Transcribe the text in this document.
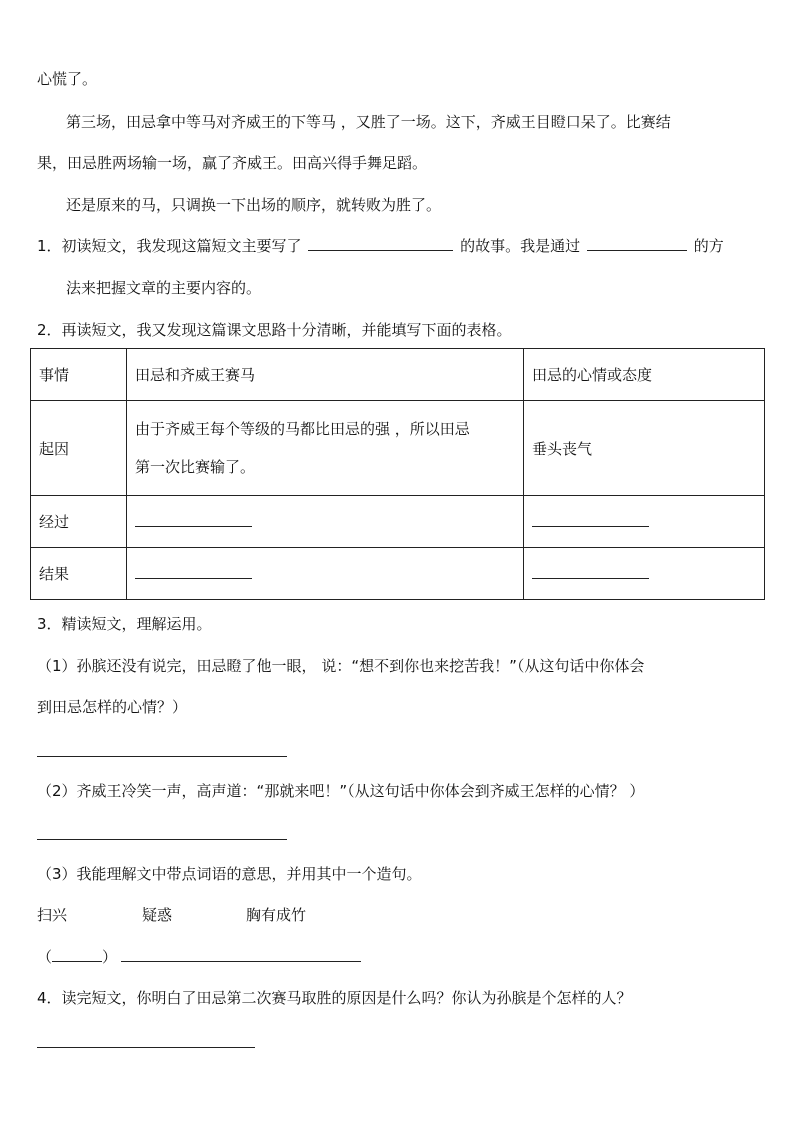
心慌了。
第三场，田忌拿中等马对齐威王的下等马 ，又胜了一场。这下，齐威王目瞪口呆了。比赛结
果，田忌胜两场输一场，赢了齐威王。田高兴得手舞足蹈。
还是原来的马，只调换一下出场的顺序，就转败为胜了。
1．初读短文，我发现这篇短文主要写了	的故事。我是通过	的方
法来把握文章的主要内容的。
2．再读短文，我又发现这篇课文思路十分清晰，并能填写下面的表格。
事情	田忌和齐威王赛马	田忌的心情或态度
起因	由于齐威王每个等级的马都比田忌的强 ，所以田忌
第一次比赛输了。	垂头丧气
经过		
结果		
3．精读短文，理解运用。
（1）孙膑还没有说完，田忌瞪了他一眼， 说：“想不到你也来挖苦我！”（从这句话中你体会
到田忌怎样的心情？）
（2）齐威王冷笑一声，高声道：“那就来吧！”（从这句话中你体会到齐威王怎样的心情？ ）
（3）我能理解文中带点词语的意思，并用其中一个造句。
扫兴	疑惑	胸有成竹
（	）
4．读完短文，你明白了田忌第二次赛马取胜的原因是什么吗？你认为孙膑是个怎样的人？
